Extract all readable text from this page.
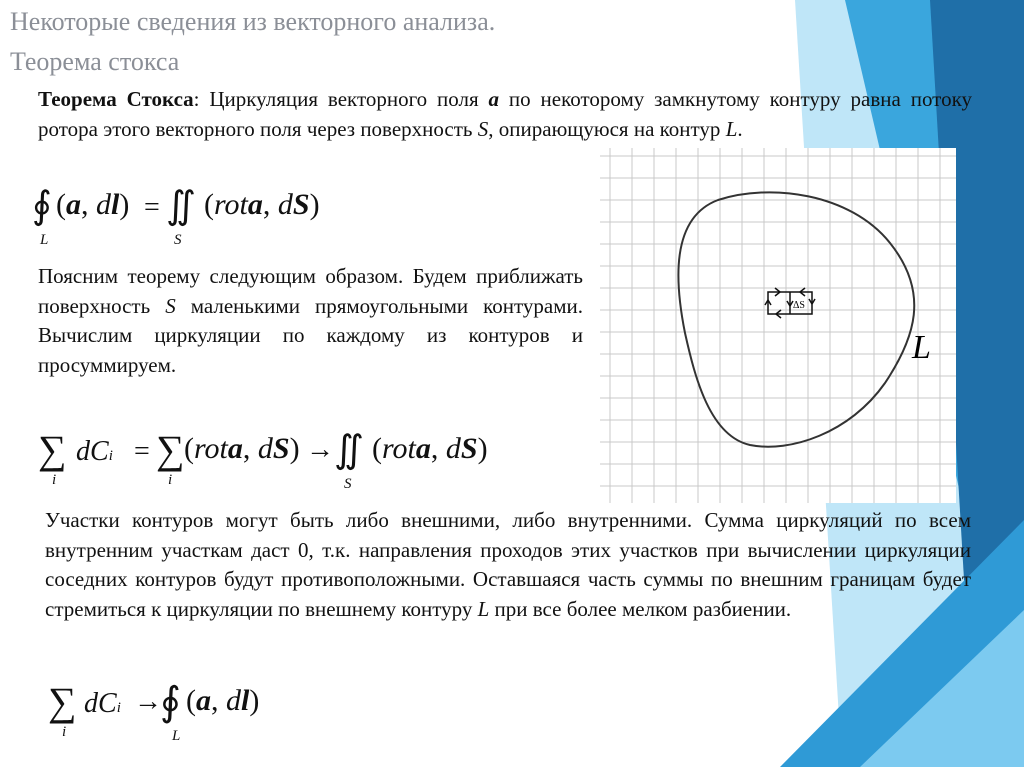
Некоторые сведения из векторного анализа.
Теорема стокса
Теорема Стокса: Циркуляция векторного поля a по некоторому замкнутому контуру равна потоку ротора этого векторного поля через поверхность S, опирающуюся на контур L.
∮ (a, dl) = ∬ (rota, dS)
L	S
Поясним теорему следующим образом. Будем приближать поверхность S маленькими прямоугольными контурами. Вычислим циркуляции по каждому из контуров и просуммируем.
∑
i
dCi = ∑
i
(rota, dS) → ∬
S
(rota, dS)
Участки контуров могут быть либо внешними, либо внутренними. Сумма циркуляций по всем внутренним участкам даст 0, т.к. направления проходов этих участков при вычислении циркуляции соседних контуров будут противоположными. Оставшаяся часть суммы по внешним границам будет стремиться к циркуляции по внешнему контуру L при все более мелком разбиении.
∑
i
dCi →
∮
L
(a, dl)
ΔS
L
